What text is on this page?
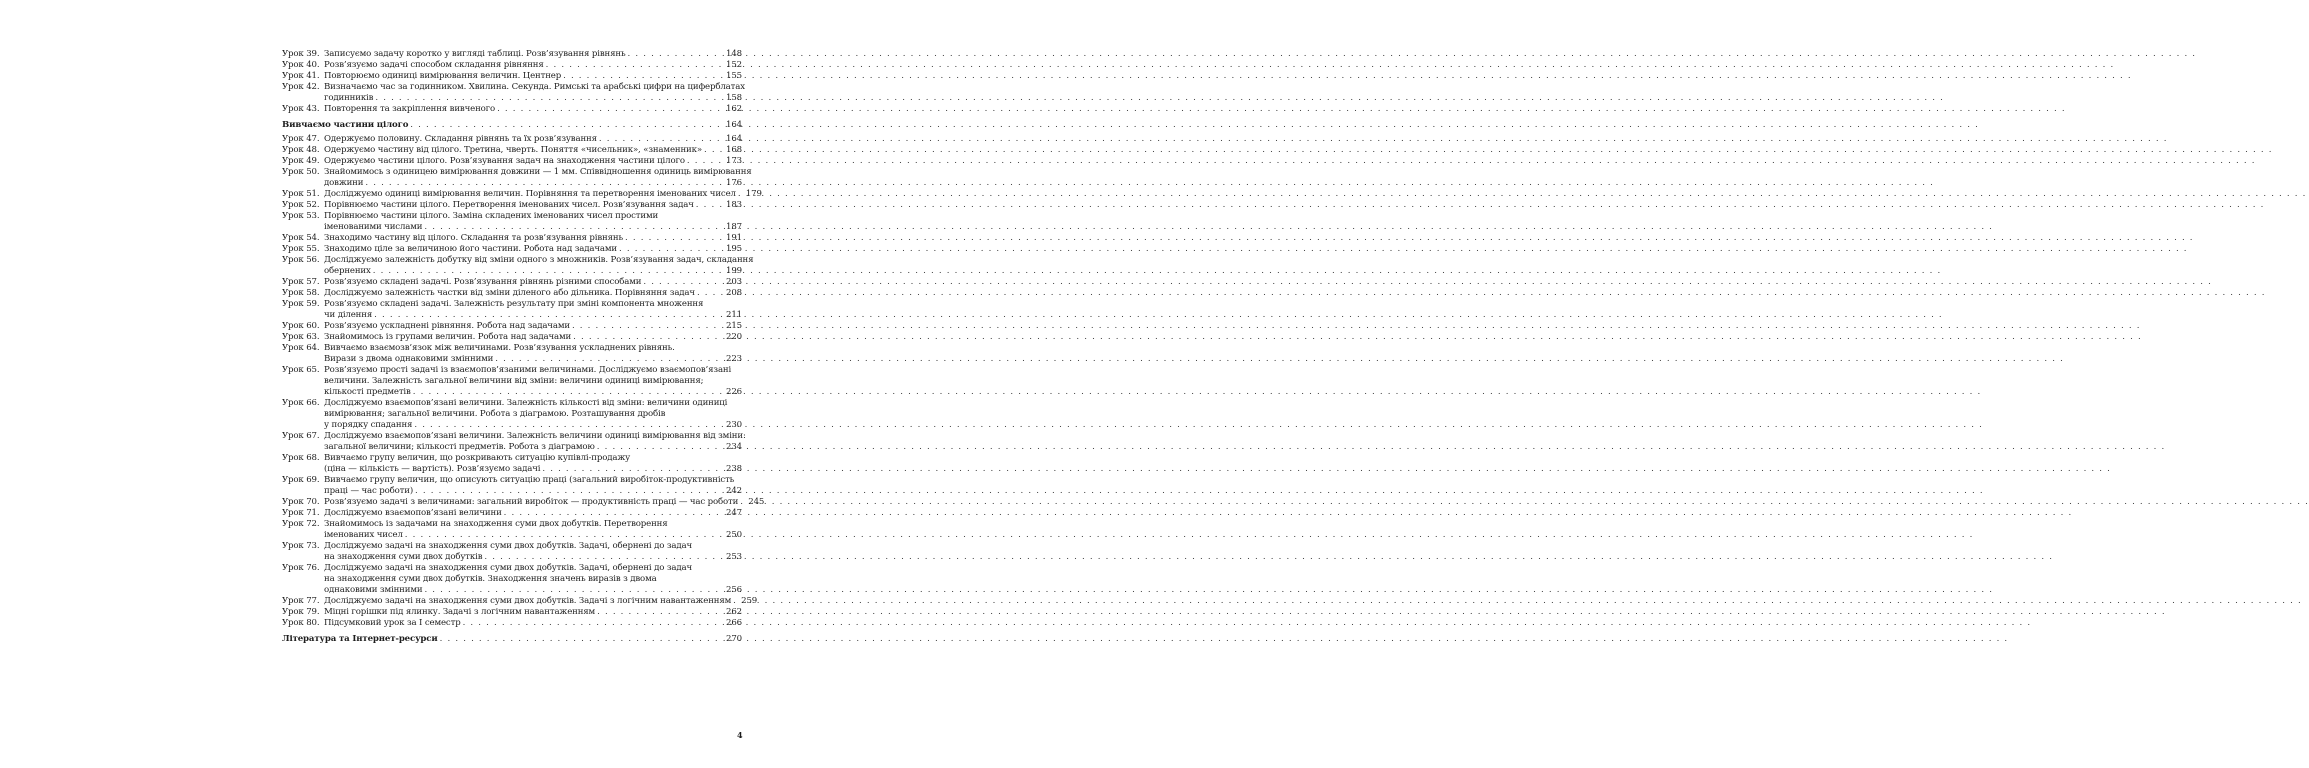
Урок 39. Записуємо задачу коротко у вигляді таблиці. Розв’язування рівнянь . . .	148
Урок 40. Розв’язуємо задачі способом складання рівняння . . .	152
Урок 41. Повторюємо одиниці вимірювання величин. Центнер . . .	155
Урок 42. Визначаємо час за годинником. Хвилина. Секунда. Римські та арабські цифри на циферблатах
годинників . . .	158
Урок 43. Повторення та закріплення вивченого . . .	162
Вивчаємо частини цілого . . .	164
Урок 47. Одержуємо половину. Складання рівнянь та їх розв’язування . . .	164
Урок 48. Одержуємо частину від цілого. Третина, чверть. Поняття «чисельник», «знаменник» . . .	168
Урок 49. Одержуємо частини цілого. Розв’язування задач на знаходження частини цілого . . .	173
Урок 50. Знайомимось з одиницею вимірювання довжини — 1 мм. Співвідношення одиниць вимірювання
довжини . . .	176
Урок 51. Досліджуємо одиниці вимірювання величин. Порівняння та перетворення іменованих чисел . . . 179
Урок 52. Порівнюємо частини цілого. Перетворення іменованих чисел. Розв’язування задач . . .	183
Урок 53. Порівнюємо частини цілого. Заміна складених іменованих чисел простими
іменованими числами . . .	187
Урок 54. Знаходимо частину від цілого. Складання та розв’язування рівнянь . . .	191
Урок 55. Знаходимо ціле за величиною його частини. Робота над задачами . . .	195
Урок 56. Досліджуємо залежність добутку від зміни одного з множників. Розв’язування задач, складання
обернених . . .	199
Урок 57. Розв’язуємо складені задачі. Розв’язування рівнянь різними способами . . .	203
Урок 58. Досліджуємо залежність частки від зміни діленого або дільника. Порівняння задач . . .	208
Урок 59. Розв’язуємо складені задачі. Залежність результату при зміні компонента множення
чи ділення . . .	211
Урок 60. Розв’язуємо ускладнені рівняння. Робота над задачами . . .	215
Урок 63. Знайомимось із групами величин. Робота над задачами . . .	220
Урок 64. Вивчаємо взаємозв’язок між величинами. Розв’язування ускладнених рівнянь.
Вирази з двома однаковими змінними . . .	223
Урок 65. Розв’язуємо прості задачі із взаємопов’язаними величинами. Досліджуємо взаємопов’язані
величини. Залежність загальної величини від зміни: величини одиниці вимірювання;
кількості предметів . . .	226
Урок 66. Досліджуємо взаємопов’язані величини. Залежність кількості від зміни: величини одиниці
вимірювання; загальної величини. Робота з діаграмою. Розташування дробів
у порядку спадання . . .	230
Урок 67. Досліджуємо взаємопов’язані величини. Залежність величини одиниці вимірювання від зміни:
загальної величини; кількості предметів. Робота з діаграмою . . .	234
Урок 68. Вивчаємо групу величин, що розкривають ситуацію купівлі-продажу
(ціна — кількість — вартість). Розв’язуємо задачі . . .	238
Урок 69. Вивчаємо групу величин, що описують ситуацію праці (загальний виробіток-продуктивність
праці — час роботи) . . .	242
Урок 70. Розв’язуємо задачі з величинами: загальний виробіток — продуктивність праці — час роботи . . . 245
Урок 71. Досліджуємо взаємопов’язані величини . . .	247
Урок 72. Знайомимось із задачами на знаходження суми двох добутків. Перетворення
іменованих чисел . . .	250
Урок 73. Досліджуємо задачі на знаходження суми двох добутків. Задачі, обернені до задач
на знаходження суми двох добутків . . .	253
Урок 76. Досліджуємо задачі на знаходження суми двох добутків. Задачі, обернені до задач
на знаходження суми двох добутків. Знаходження значень виразів з двома
однаковими змінними . . .	256
Урок 77. Досліджуємо задачі на знаходження суми двох добутків. Задачі з логічним навантаженням . . . 259
Урок 79. Міцні горішки під ялинку. Задачі з логічним навантаженням . . .	262
Урок 80. Підсумковий урок за I семестр . . .	266
Література та Інтернет-ресурси . . .	270
4
